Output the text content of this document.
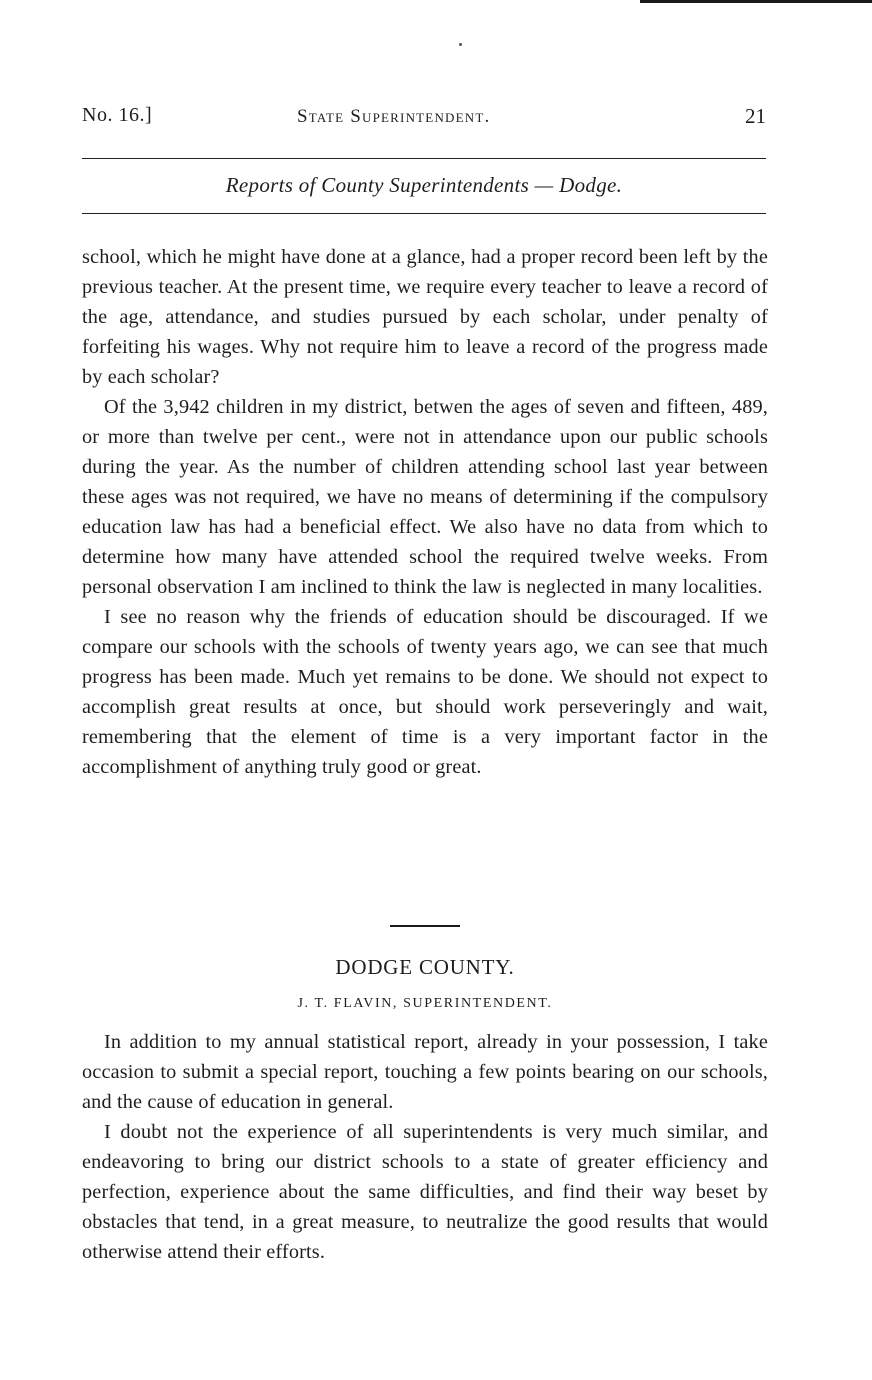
No. 16.]	State Superintendent.	21
Reports of County Superintendents — Dodge.

school, which he might have done at a glance, had a proper record been left by the previous teacher. At the present time, we require every teacher to leave a record of the age, attendance, and studies pursued by each scholar, under penalty of forfeiting his wages. Why not require him to leave a record of the progress made by each scholar?

Of the 3,942 children in my district, betwen the ages of seven and fifteen, 489, or more than twelve per cent., were not in attendance upon our public schools during the year. As the number of children attending school last year between these ages was not required, we have no means of determining if the compulsory education law has had a beneficial effect. We also have no data from which to determine how many have attended school the required twelve weeks. From personal observation I am inclined to think the law is neglected in many localities.

I see no reason why the friends of education should be discouraged. If we compare our schools with the schools of twenty years ago, we can see that much progress has been made. Much yet remains to be done. We should not expect to accomplish great results at once, but should work perseveringly and wait, remembering that the element of time is a very important factor in the accomplishment of anything truly good or great.

DODGE COUNTY.
J. T. FLAVIN, SUPERINTENDENT.

In addition to my annual statistical report, already in your possession, I take occasion to submit a special report, touching a few points bearing on our schools, and the cause of education in general.

I doubt not the experience of all superintendents is very much similar, and endeavoring to bring our district schools to a state of greater efficiency and perfection, experience about the same difficulties, and find their way beset by obstacles that tend, in a great measure, to neutralize the good results that would otherwise attend their efforts.
